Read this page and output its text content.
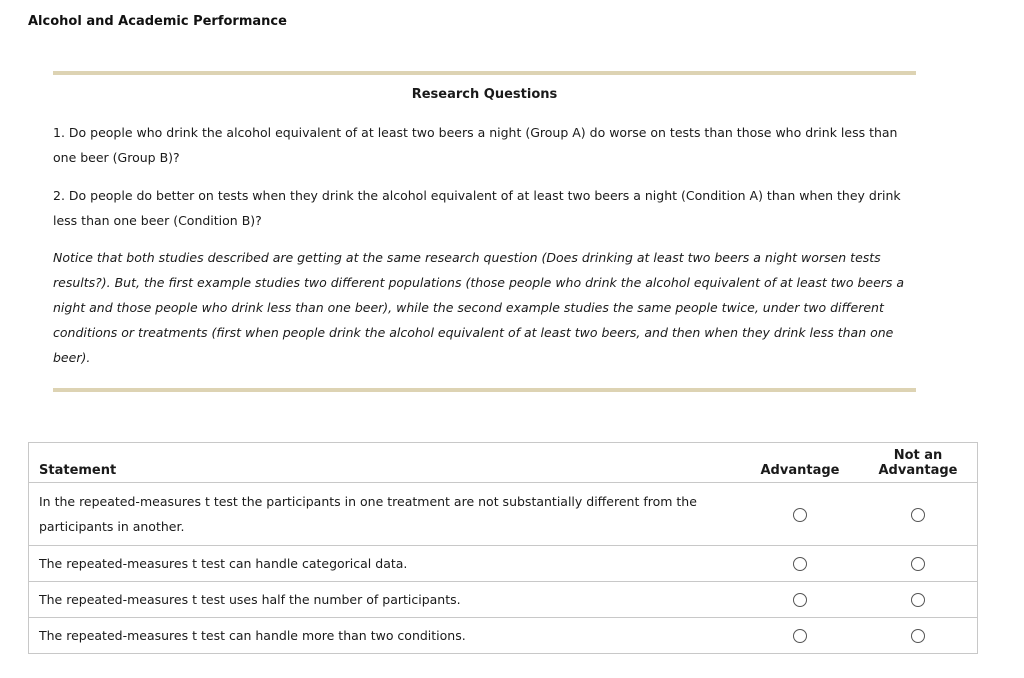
Alcohol and Academic Performance
Research Questions

1. Do people who drink the alcohol equivalent of at least two beers a night (Group A) do worse on tests than those who drink less than one beer (Group B)?

2. Do people do better on tests when they drink the alcohol equivalent of at least two beers a night (Condition A) than when they drink less than one beer (Condition B)?

Notice that both studies described are getting at the same research question (Does drinking at least two beers a night worsen tests results?). But, the first example studies two different populations (those people who drink the alcohol equivalent of at least two beers a night and those people who drink less than one beer), while the second example studies the same people twice, under two different conditions or treatments (first when people drink the alcohol equivalent of at least two beers, and then when they drink less than one beer).

Statement	Advantage	Not an Advantage
In the repeated-measures t test the participants in one treatment are not substantially different from the participants in another.		
The repeated-measures t test can handle categorical data.		
The repeated-measures t test uses half the number of participants.		
The repeated-measures t test can handle more than two conditions.		
